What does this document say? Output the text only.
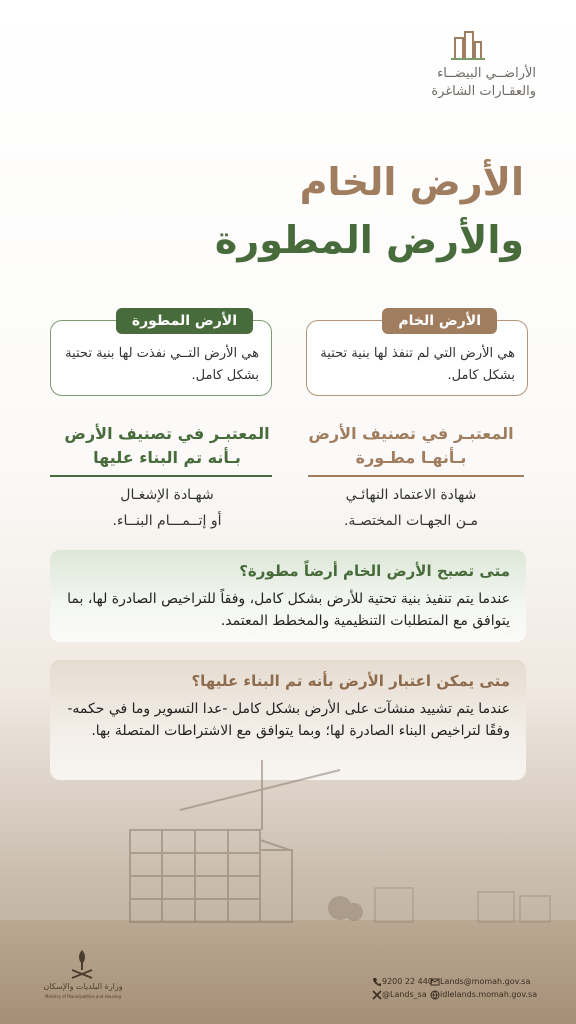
الأراضــي البيضــاء
والعقـارات الشاغرة
الأرض الخام
والأرض المطورة
الأرض الخام
هي الأرض التي لم تنفذ لها بنية تحتية بشكل كامل.
الأرض المطورة
هي الأرض التــي نفذت لها بنية تحتية بشكل كامل.
المعتبـر في تصنيف الأرض
بـأنهـا مطـورة
شهادة الاعتماد النهائـي
مـن الجهـات المختصـة.
المعتبـر في تصنيف الأرض
بـأنه تم البناء عليها
شهـادة الإشغـال
أو إتــمـــام البنــاء.
متى تصبح الأرض الخام أرضاً مطورة؟
عندما يتم تنفيذ بنية تحتية للأرض بشكل كامل، وفقاً للتراخيص الصادرة لها، بما يتوافق مع المتطلبات التنظيمية والمخطط المعتمد.
متى يمكن اعتبار الأرض بأنه تم البناء عليها؟
عندما يتم تشييد منشآت على الأرض بشكل كامل -عدا التسوير وما في حكمه- وفقًا لتراخيص البناء الصادرة لها؛ وبما يتوافق مع الاشتراطات المتصلة بها.
وزارة البلديات والإسكان
Ministry of Municipalities and Housing
9200 22 440
@Lands_sa
Lands@momah.gov.sa
idlelands.momah.gov.sa
